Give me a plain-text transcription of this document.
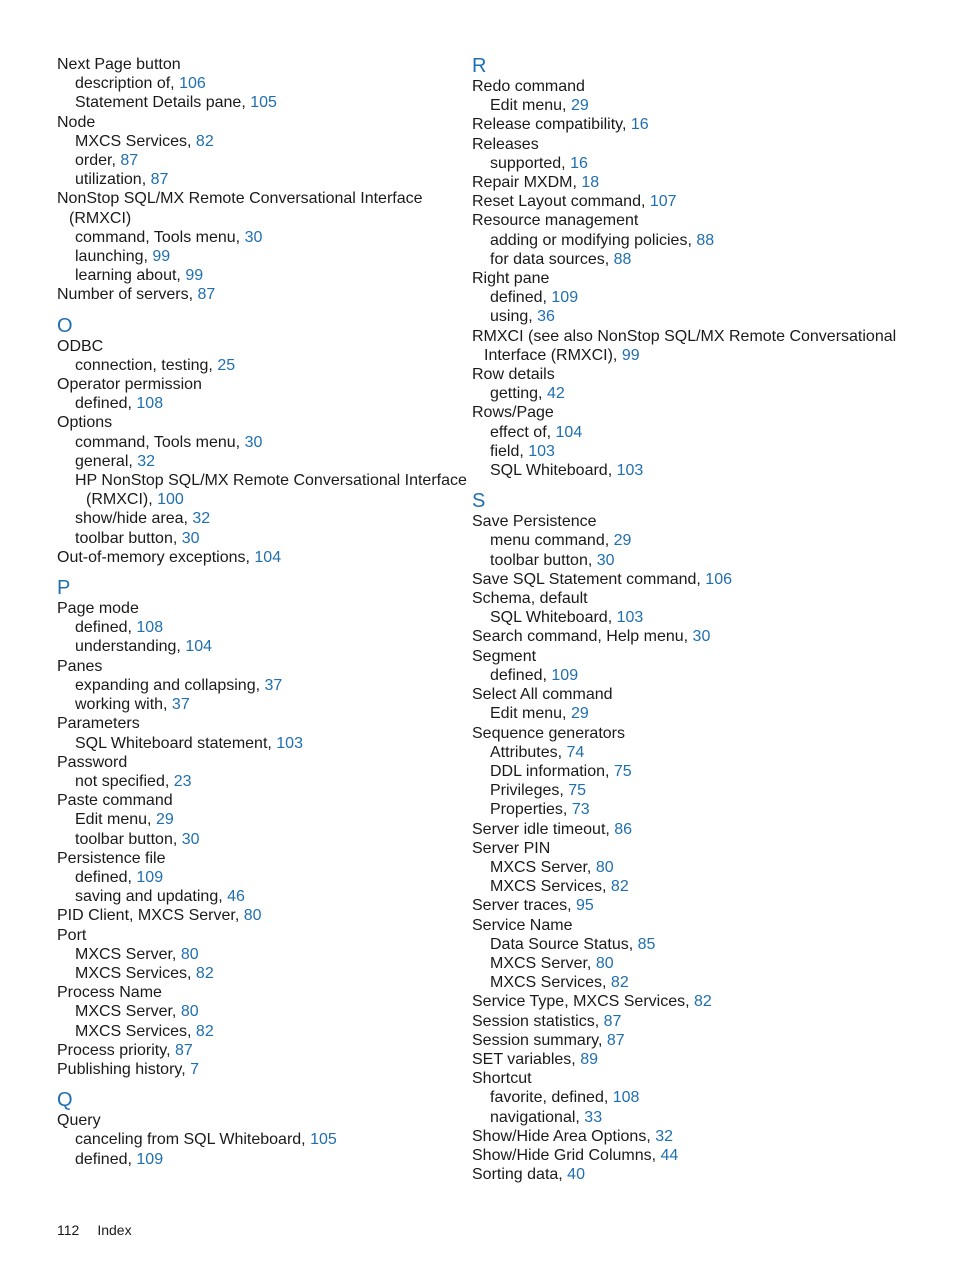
Next Page button
description of, 106
Statement Details pane, 105
Node
MXCS Services, 82
order, 87
utilization, 87
NonStop SQL/MX Remote Conversational Interface
(RMXCI)
command, Tools menu, 30
launching, 99
learning about, 99
Number of servers, 87
O
ODBC
connection, testing, 25
Operator permission
defined, 108
Options
command, Tools menu, 30
general, 32
HP NonStop SQL/MX Remote Conversational Interface
(RMXCI), 100
show/hide area, 32
toolbar button, 30
Out-of-memory exceptions, 104
P
Page mode
defined, 108
understanding, 104
Panes
expanding and collapsing, 37
working with, 37
Parameters
SQL Whiteboard statement, 103
Password
not specified, 23
Paste command
Edit menu, 29
toolbar button, 30
Persistence file
defined, 109
saving and updating, 46
PID Client, MXCS Server, 80
Port
MXCS Server, 80
MXCS Services, 82
Process Name
MXCS Server, 80
MXCS Services, 82
Process priority, 87
Publishing history, 7
Q
Query
canceling from SQL Whiteboard, 105
defined, 109
R
Redo command
Edit menu, 29
Release compatibility, 16
Releases
supported, 16
Repair MXDM, 18
Reset Layout command, 107
Resource management
adding or modifying policies, 88
for data sources, 88
Right pane
defined, 109
using, 36
RMXCI (see also NonStop SQL/MX Remote Conversational
Interface (RMXCI), 99
Row details
getting, 42
Rows/Page
effect of, 104
field, 103
SQL Whiteboard, 103
S
Save Persistence
menu command, 29
toolbar button, 30
Save SQL Statement command, 106
Schema, default
SQL Whiteboard, 103
Search command, Help menu, 30
Segment
defined, 109
Select All command
Edit menu, 29
Sequence generators
Attributes, 74
DDL information, 75
Privileges, 75
Properties, 73
Server idle timeout, 86
Server PIN
MXCS Server, 80
MXCS Services, 82
Server traces, 95
Service Name
Data Source Status, 85
MXCS Server, 80
MXCS Services, 82
Service Type, MXCS Services, 82
Session statistics, 87
Session summary, 87
SET variables, 89
Shortcut
favorite, defined, 108
navigational, 33
Show/Hide Area Options, 32
Show/Hide Grid Columns, 44
Sorting data, 40
112 Index
